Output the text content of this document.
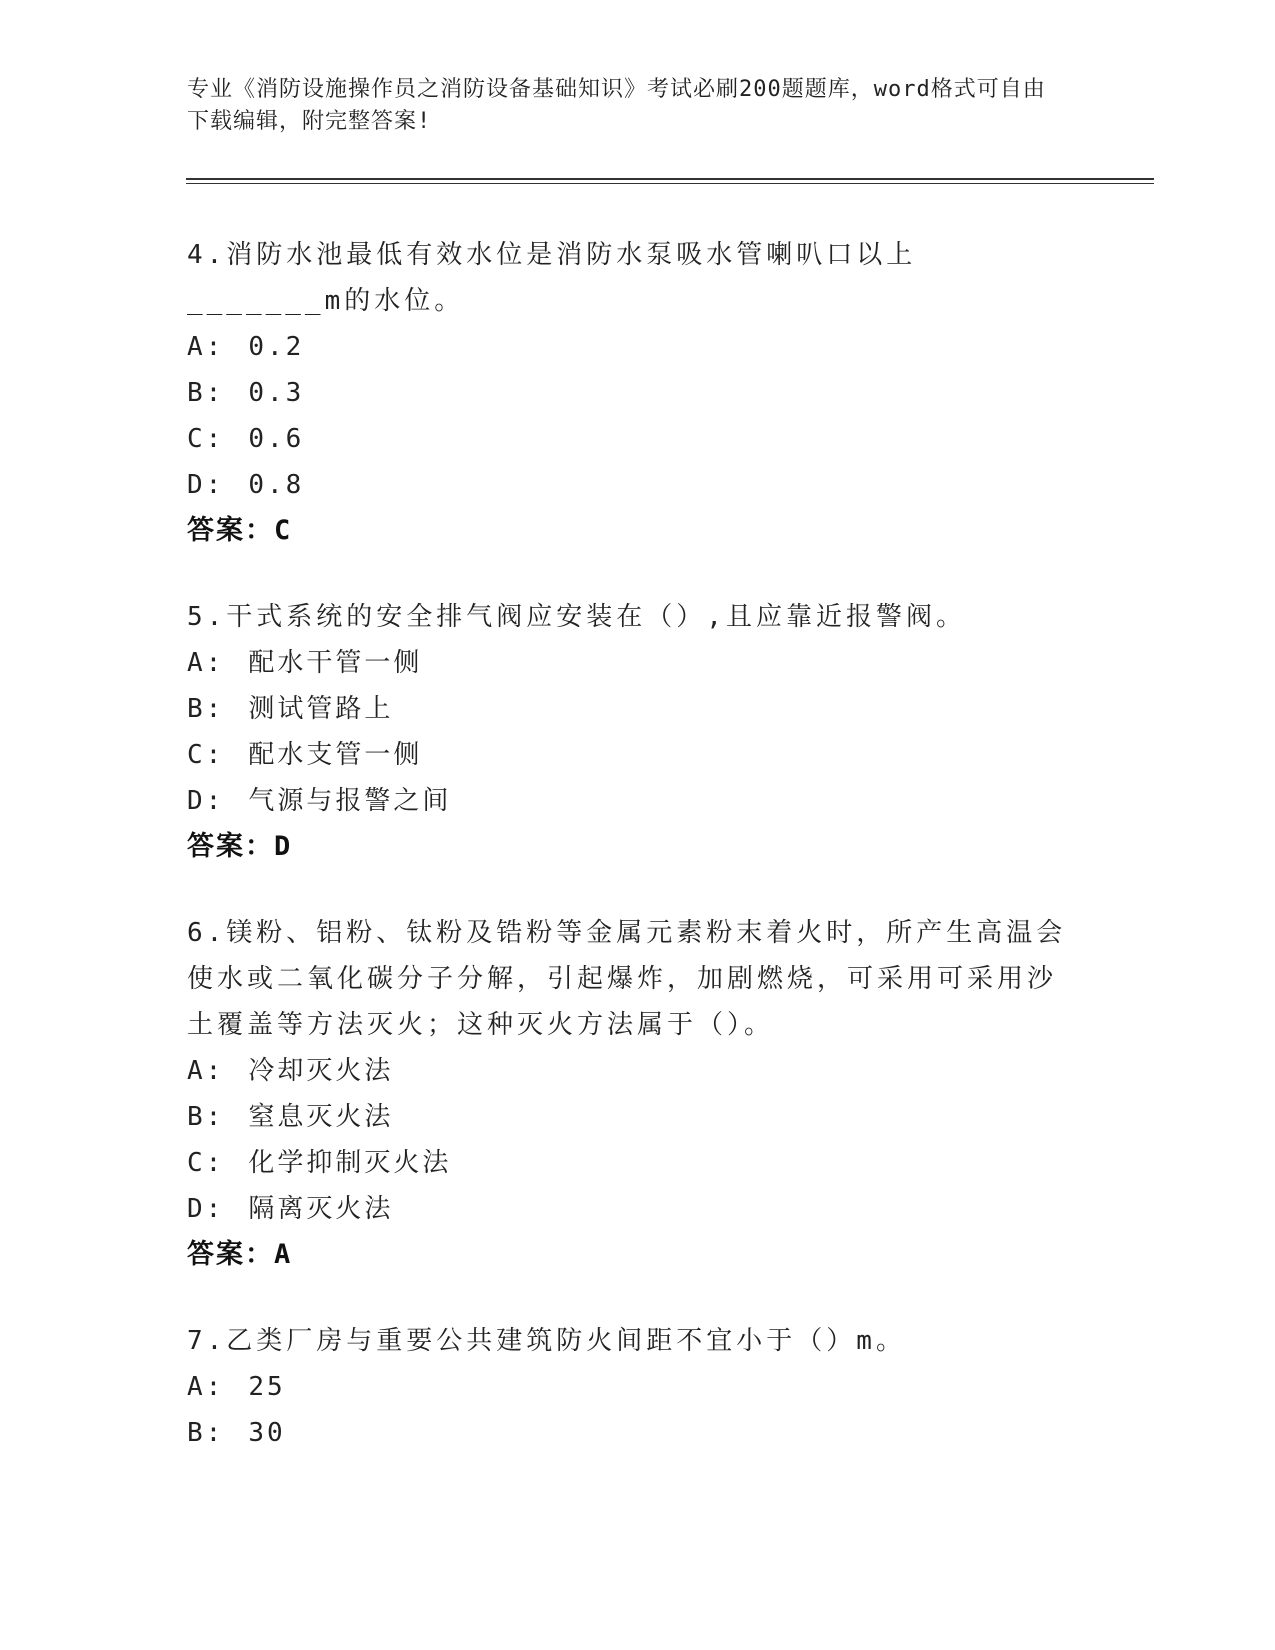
专业《消防设施操作员之消防设备基础知识》考试必刷200题题库，word格式可自由下载编辑，附完整答案!

4.消防水池最低有效水位是消防水泵吸水管喇叭口以上_______m的水位。

A: 0.2

B: 0.3

C: 0.6

D: 0.8

答案：C

5.干式系统的安全排气阀应安装在（）,且应靠近报警阀。

A: 配水干管一侧

B: 测试管路上

C: 配水支管一侧

D: 气源与报警之间

答案：D

6.镁粉、铝粉、钛粉及锆粉等金属元素粉末着火时，所产生高温会使水或二氧化碳分子分解，引起爆炸，加剧燃烧，可采用可采用沙土覆盖等方法灭火；这种灭火方法属于（）。

A: 冷却灭火法

B: 窒息灭火法

C: 化学抑制灭火法

D: 隔离灭火法

答案：A

7.乙类厂房与重要公共建筑防火间距不宜小于（）m。

A: 25

B: 30
